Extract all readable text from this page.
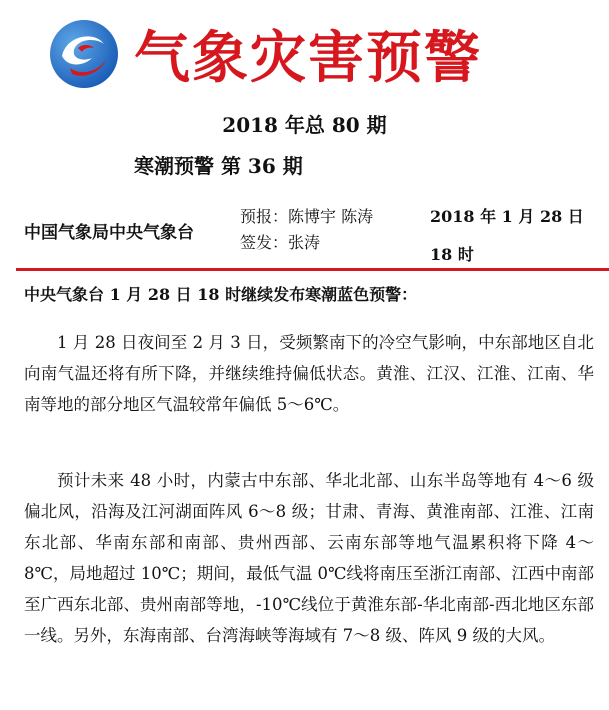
气象灾害预警
2018 年总 80 期
寒潮预警 第 36 期
中国气象局中央气象台
预报：陈博宇 陈涛
签发：张涛
2018 年 1 月 28 日 18 时
中央气象台 1 月 28 日 18 时继续发布寒潮蓝色预警：

1 月 28 日夜间至 2 月 3 日，受频繁南下的冷空气影响，中东部地区自北向南气温还将有所下降，并继续维持偏低状态。黄淮、江汉、江淮、江南、华南等地的部分地区气温较常年偏低 5～6℃。

预计未来 48 小时，内蒙古中东部、华北北部、山东半岛等地有 4～6 级偏北风，沿海及江河湖面阵风 6～8 级；甘肃、青海、黄淮南部、江淮、江南东北部、华南东部和南部、贵州西部、云南东部等地气温累积将下降 4～8℃，局地超过 10℃；期间，最低气温 0℃线将南压至浙江南部、江西中南部至广西东北部、贵州南部等地，-10℃线位于黄淮东部-华北南部-西北地区东部一线。另外，东海南部、台湾海峡等海域有 7～8 级、阵风 9 级的大风。
